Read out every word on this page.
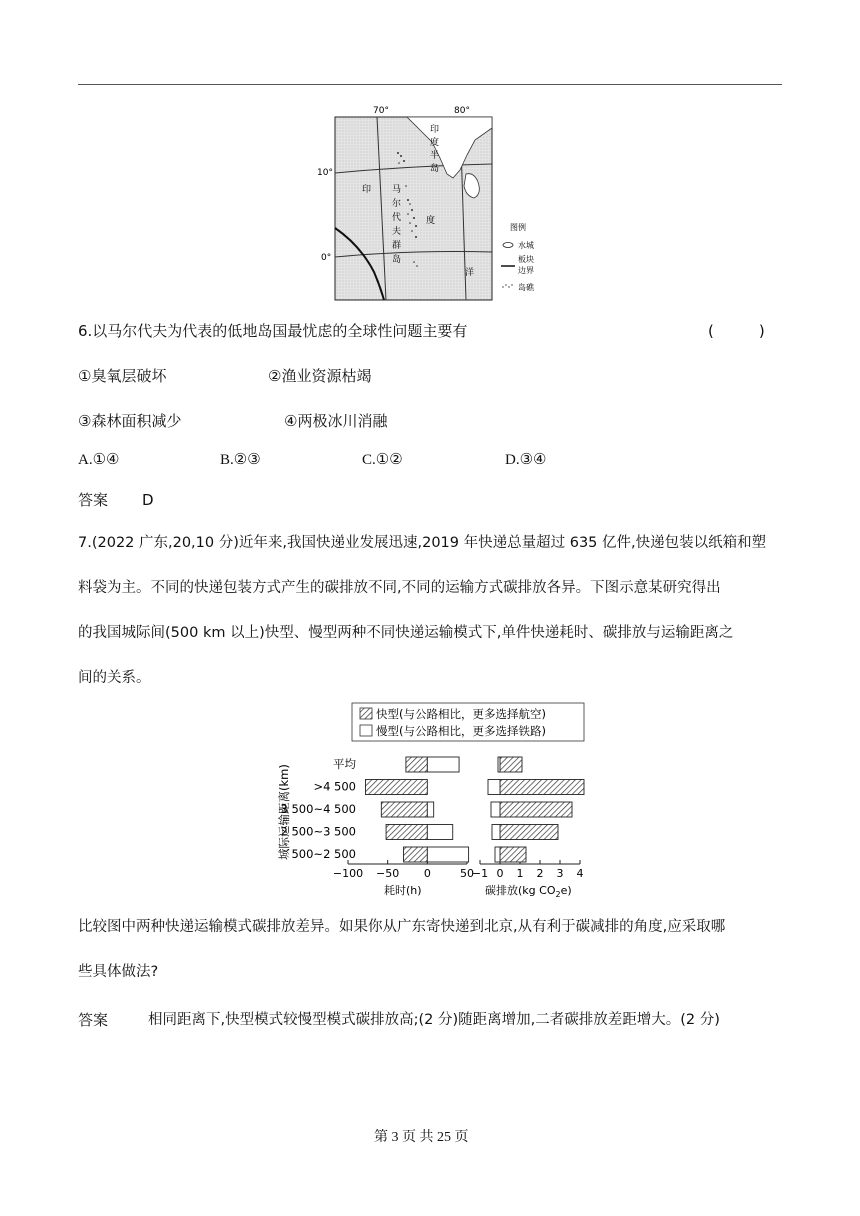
70°	80°
10°
0°
印
度
半
岛
印
度
洋
马
尔
代
夫
群
岛
图例
水城
板块
边界
岛礁
6.以马尔代夫为代表的低地岛国最忧虑的全球性问题主要有	(　　　)
①臭氧层破坏	②渔业资源枯竭
③森林面积减少	④两极冰川消融
A.①④	B.②③	C.①②	D.③④
答案 D
7.(2022 广东,20,10 分)近年来,我国快递业发展迅速,2019 年快递总量超过 635 亿件,快递包装以纸箱和塑
料袋为主。不同的快递包装方式产生的碳排放不同,不同的运输方式碳排放各异。下图示意某研究得出
的我国城际间(500 km 以上)快型、慢型两种不同快递运输模式下,单件快递耗时、碳排放与运输距离之
间的关系。
快型(与公路相比，更多选择航空)
慢型(与公路相比，更多选择铁路)
城际运输距离(km)
平均
>4 500
3 500~4 500
2 500~3 500
500~2 500
−100 −50 0	50
−1 0 1 2 3 4
耗时(h)	碳排放(kg $CO_2e$)
比较图中两种快递运输模式碳排放差异。如果你从广东寄快递到北京,从有利于碳减排的角度,应采取哪
些具体做法?
答案	相同距离下,快型模式较慢型模式碳排放高;(2 分)随距离增加,二者碳排放差距增大。(2 分)
第 3 页 共 25 页
